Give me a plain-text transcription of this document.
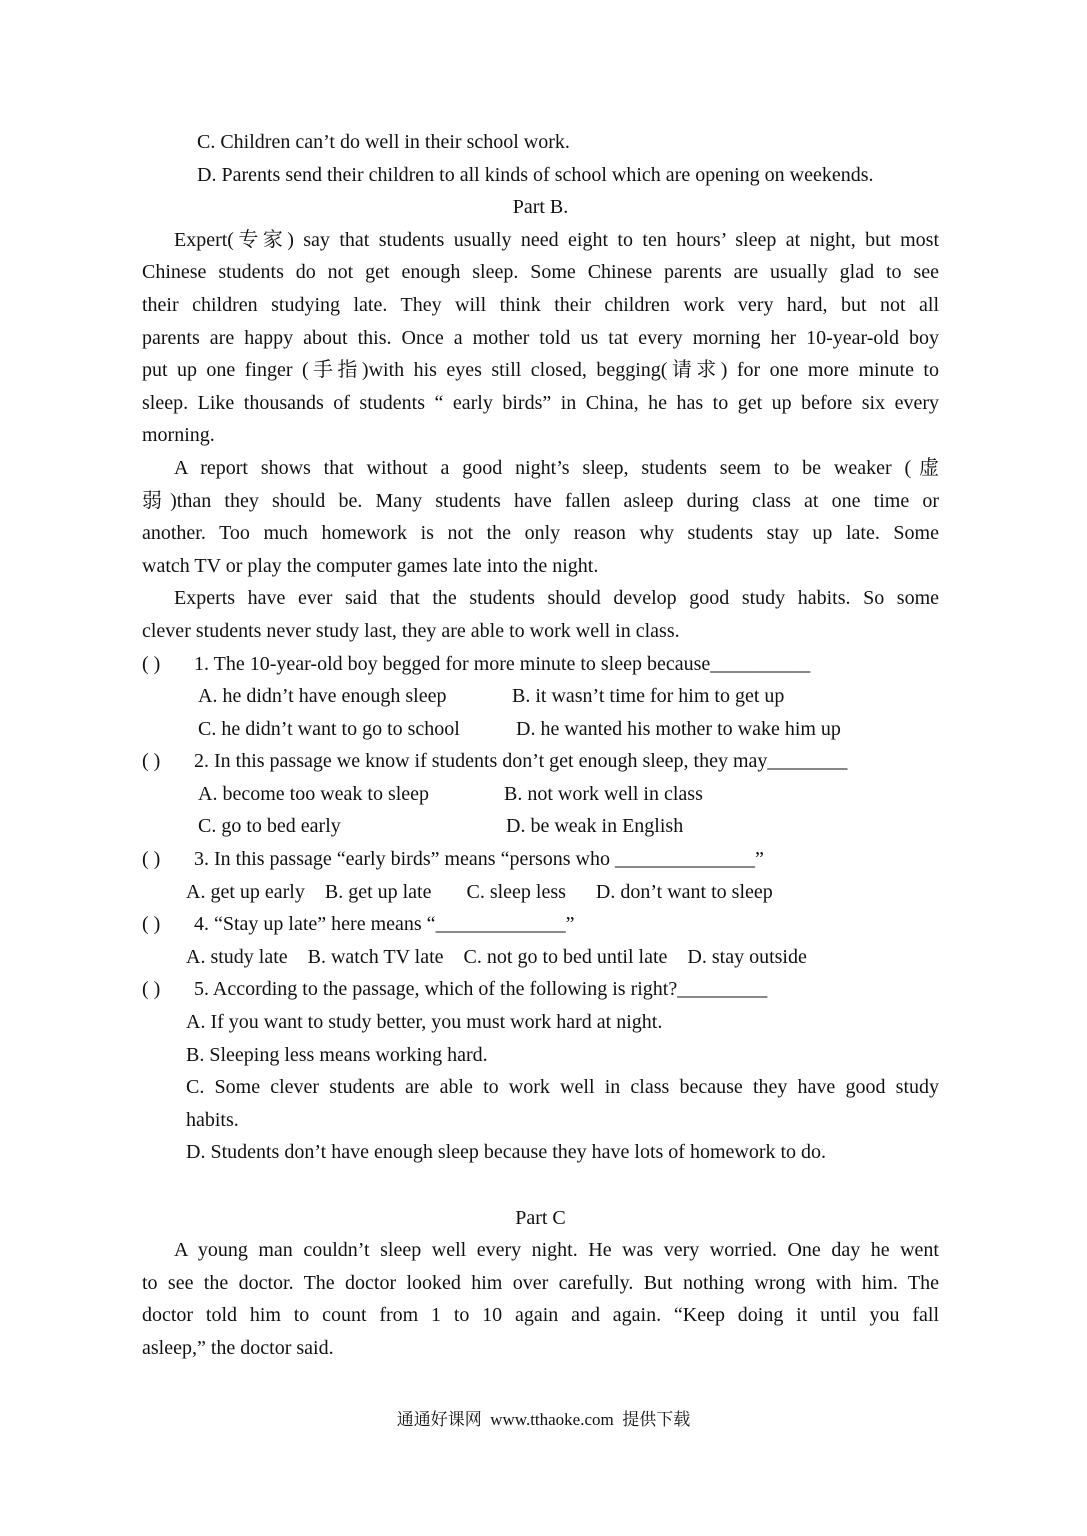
C. Children can’t do well in their school work.
D. Parents send their children to all kinds of school which are opening on weekends.
Part B.
Expert(专家) say that students usually need eight to ten hours’ sleep at night, but most
Chinese students do not get enough sleep. Some Chinese parents are usually glad to see
their children studying late. They will think their children work very hard, but not all
parents are happy about this. Once a mother told us tat every morning her 10-year-old boy
put up one finger (手指)with his eyes still closed, begging(请求) for one more minute to
sleep. Like thousands of students “ early birds” in China, he has to get up before six every
morning.
A report shows that without a good night’s sleep, students seem to be weaker (虚
弱)than they should be. Many students have fallen asleep during class at one time or
another. Too much homework is not the only reason why students stay up late. Some
watch TV or play the computer games late into the night.
Experts have ever said that the students should develop good study habits. So some
clever students never study last, they are able to work well in class.
( ) 1. The 10-year-old boy begged for more minute to sleep because__________
A. he didn’t have enough sleep	B. it wasn’t time for him to get up
C. he didn’t want to go to school	D. he wanted his mother to wake him up
( ) 2. In this passage we know if students don’t get enough sleep, they may________
A. become too weak to sleep	B. not work well in class
C. go to bed early	D. be weak in English
( ) 3. In this passage “early birds” means “persons who ______________”
A. get up early    B. get up late       C. sleep less      D. don’t want to sleep
( ) 4. “Stay up late” here means “_____________”
A. study late    B. watch TV late    C. not go to bed until late    D. stay outside
( ) 5. According to the passage, which of the following is right?_________
A. If you want to study better, you must work hard at night.
B. Sleeping less means working hard.
C. Some clever students are able to work well in class because they have good study
habits.
D. Students don’t have enough sleep because they have lots of homework to do.
Part C
A young man couldn’t sleep well every night. He was very worried. One day he went
to see the doctor. The doctor looked him over carefully. But nothing wrong with him. The
doctor told him to count from 1 to 10 again and again. “Keep doing it until you fall
asleep,” the doctor said.
通通好课网  www.tthaoke.com  提供下载
